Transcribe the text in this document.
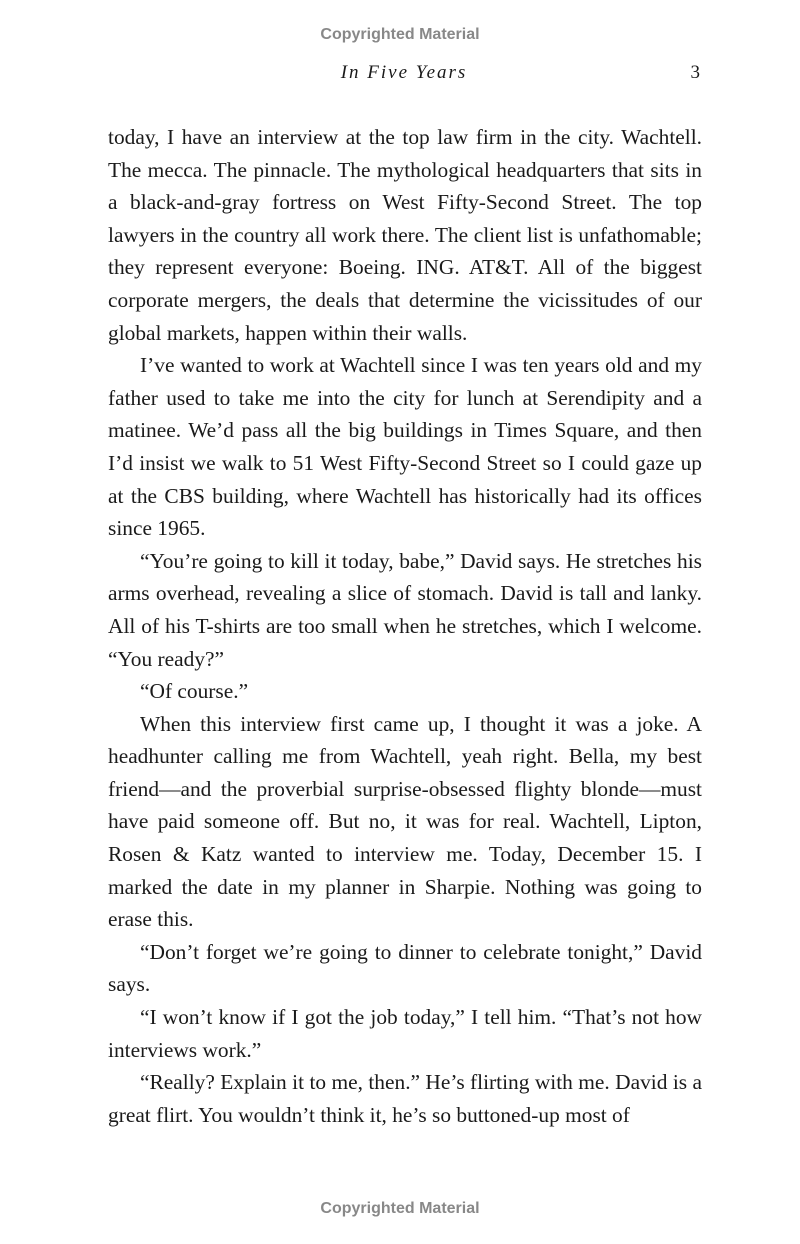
Copyrighted Material
In Five Years	3

today, I have an interview at the top law firm in the city. Wachtell. The mecca. The pinnacle. The mythological headquarters that sits in a black-and-gray fortress on West Fifty-Second Street. The top lawyers in the country all work there. The client list is unfathomable; they represent everyone: Boeing. ING. AT&T. All of the biggest corporate mergers, the deals that determine the vicissitudes of our global markets, happen within their walls.

I’ve wanted to work at Wachtell since I was ten years old and my father used to take me into the city for lunch at Serendipity and a matinee. We’d pass all the big buildings in Times Square, and then I’d insist we walk to 51 West Fifty-Second Street so I could gaze up at the CBS building, where Wachtell has historically had its offices since 1965.

“You’re going to kill it today, babe,” David says. He stretches his arms overhead, revealing a slice of stomach. David is tall and lanky. All of his T-shirts are too small when he stretches, which I welcome. “You ready?”

“Of course.”

When this interview first came up, I thought it was a joke. A headhunter calling me from Wachtell, yeah right. Bella, my best friend—and the proverbial surprise-obsessed flighty blonde—must have paid someone off. But no, it was for real. Wachtell, Lipton, Rosen & Katz wanted to interview me. Today, December 15. I marked the date in my planner in Sharpie. Nothing was going to erase this.

“Don’t forget we’re going to dinner to celebrate tonight,” David says.

“I won’t know if I got the job today,” I tell him. “That’s not how interviews work.”

“Really? Explain it to me, then.” He’s flirting with me. David is a great flirt. You wouldn’t think it, he’s so buttoned-up most of

Copyrighted Material
